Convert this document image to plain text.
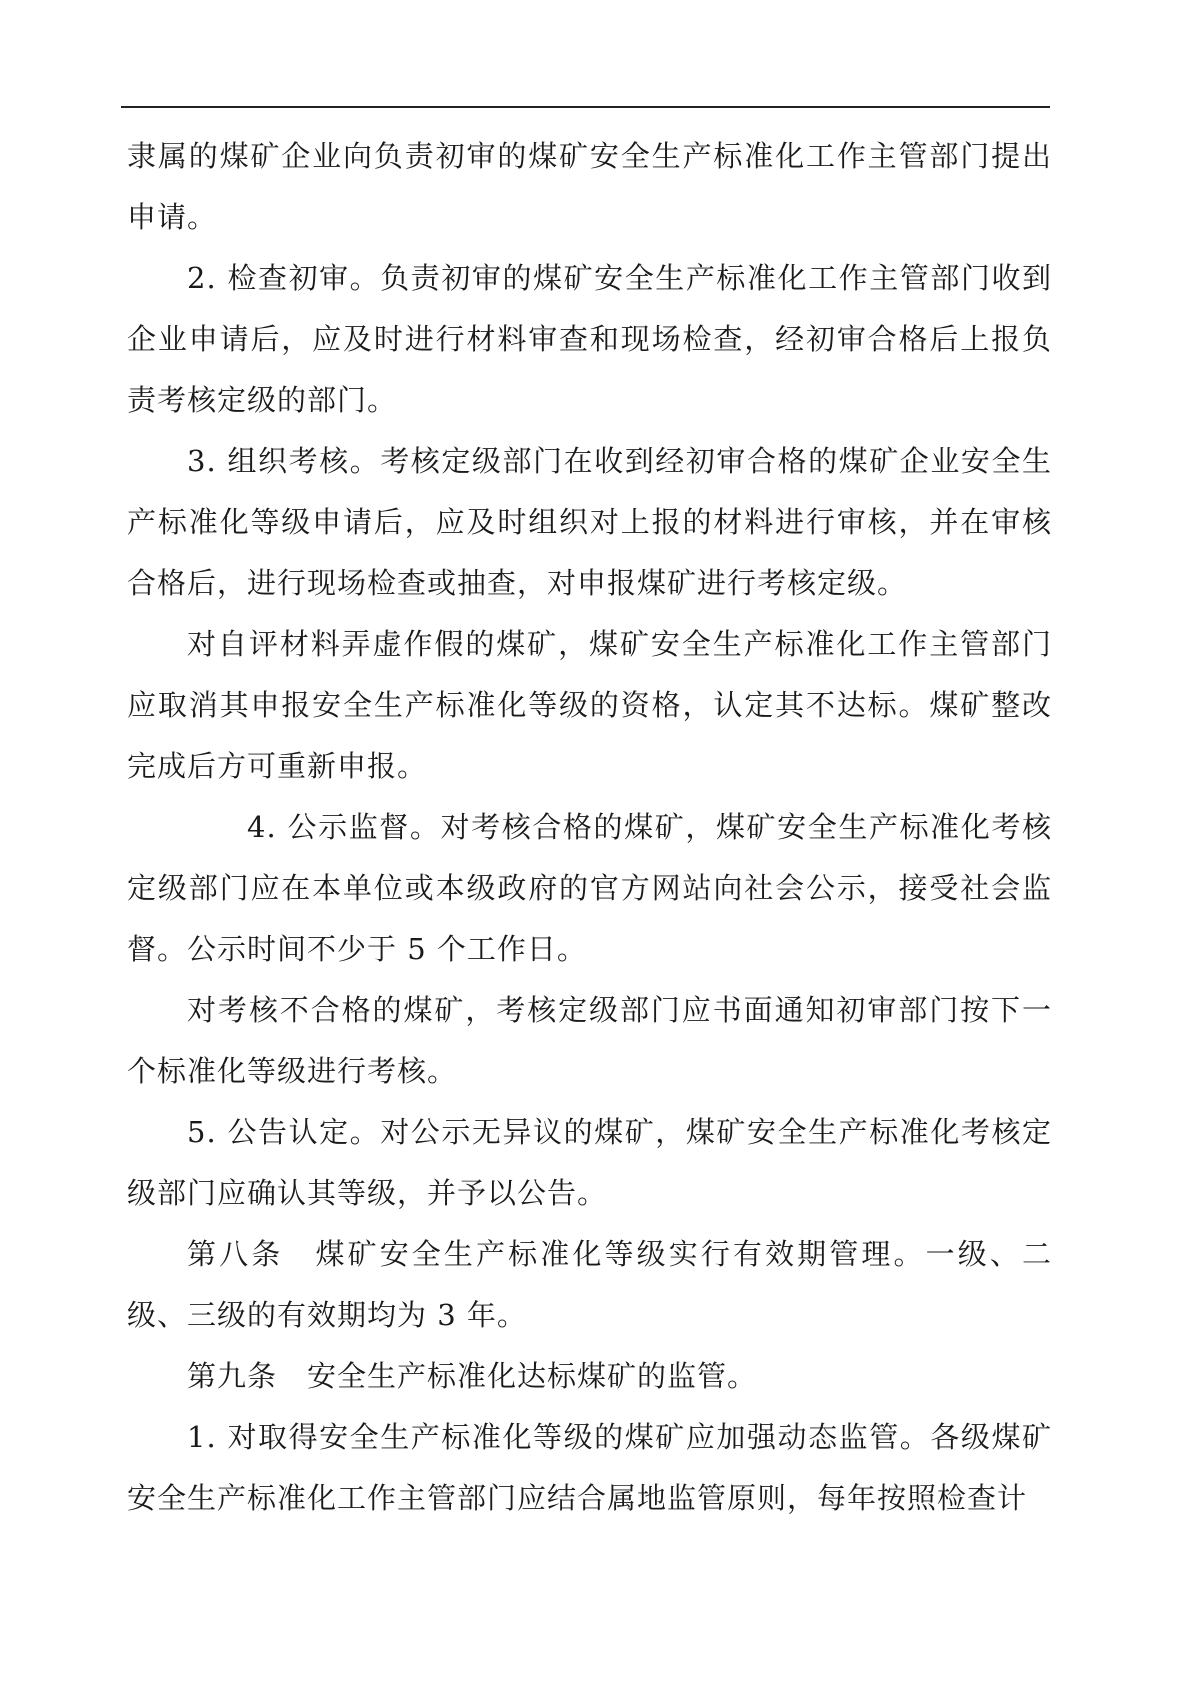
隶属的煤矿企业向负责初审的煤矿安全生产标准化工作主管部门提出申请。

2. 检查初审。负责初审的煤矿安全生产标准化工作主管部门收到企业申请后，应及时进行材料审查和现场检查，经初审合格后上报负责考核定级的部门。

3. 组织考核。考核定级部门在收到经初审合格的煤矿企业安全生产标准化等级申请后，应及时组织对上报的材料进行审核，并在审核合格后，进行现场检查或抽查，对申报煤矿进行考核定级。

对自评材料弄虚作假的煤矿，煤矿安全生产标准化工作主管部门应取消其申报安全生产标准化等级的资格，认定其不达标。煤矿整改完成后方可重新申报。

4. 公示监督。对考核合格的煤矿，煤矿安全生产标准化考核定级部门应在本单位或本级政府的官方网站向社会公示，接受社会监督。公示时间不少于 5 个工作日。

对考核不合格的煤矿，考核定级部门应书面通知初审部门按下一个标准化等级进行考核。

5. 公告认定。对公示无异议的煤矿，煤矿安全生产标准化考核定级部门应确认其等级，并予以公告。

第八条　煤矿安全生产标准化等级实行有效期管理。一级、二级、三级的有效期均为 3 年。

第九条　安全生产标准化达标煤矿的监管。

1. 对取得安全生产标准化等级的煤矿应加强动态监管。各级煤矿安全生产标准化工作主管部门应结合属地监管原则，每年按照检查计
